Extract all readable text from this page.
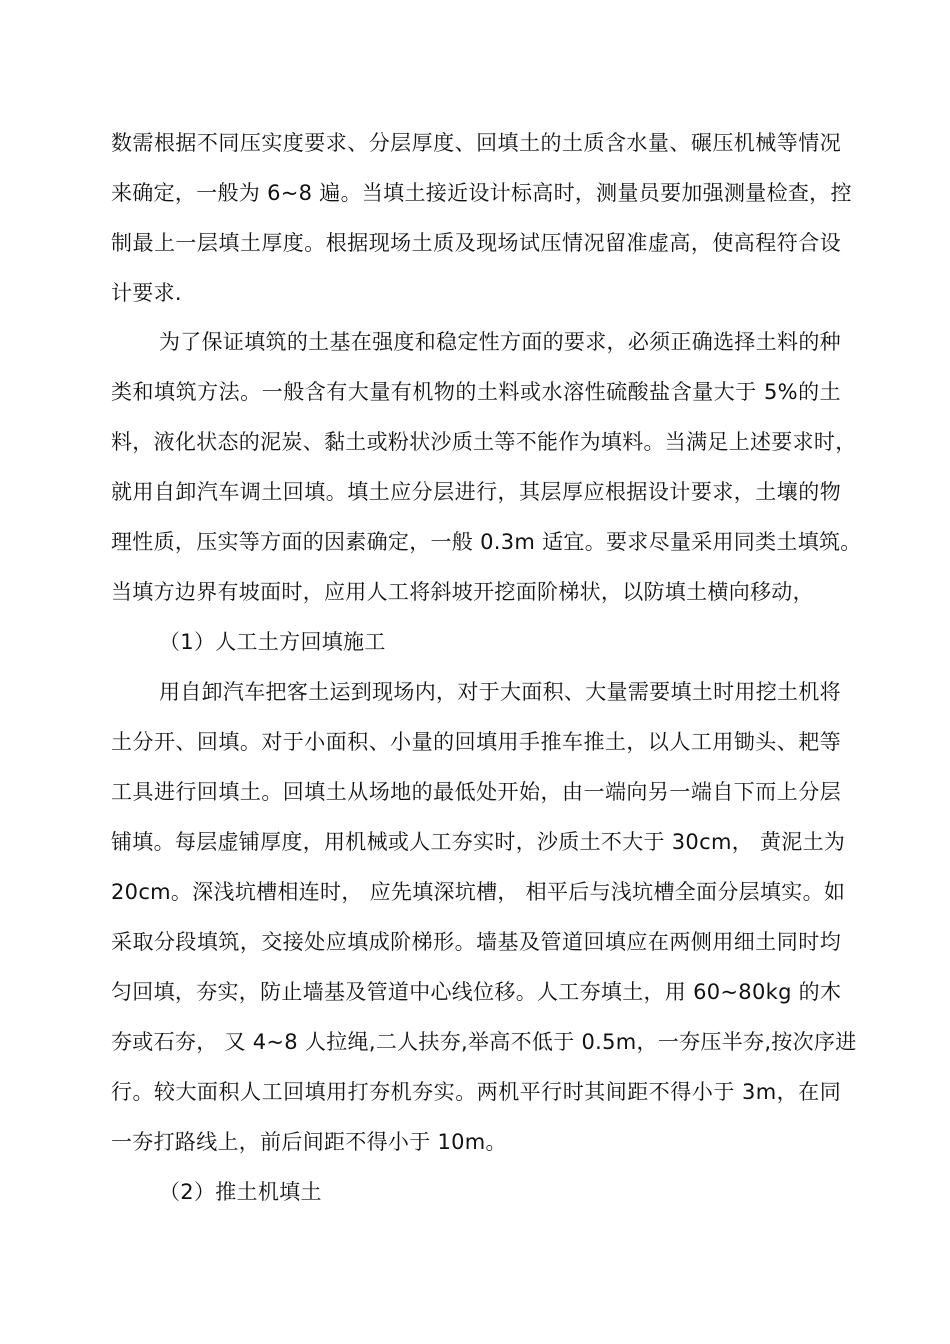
数需根据不同压实度要求、分层厚度、回填土的土质含水量、碾压机械等情况
来确定，一般为 6~8 遍。当填土接近设计标高时，测量员要加强测量检查，控
制最上一层填土厚度。根据现场土质及现场试压情况留准虚高，使高程符合设
计要求.
为了保证填筑的土基在强度和稳定性方面的要求，必须正确选择土料的种
类和填筑方法。一般含有大量有机物的土料或水溶性硫酸盐含量大于 5%的土
料，液化状态的泥炭、黏土或粉状沙质土等不能作为填料。当满足上述要求时，
就用自卸汽车调土回填。填土应分层进行，其层厚应根据设计要求，土壤的物
理性质，压实等方面的因素确定，一般 0.3m 适宜。要求尽量采用同类土填筑。
当填方边界有坡面时，应用人工将斜坡开挖面阶梯状，以防填土横向移动，
（1）人工土方回填施工
用自卸汽车把客土运到现场内，对于大面积、大量需要填土时用挖土机将
土分开、回填。对于小面积、小量的回填用手推车推土，以人工用锄头、耙等
工具进行回填土。回填土从场地的最低处开始，由一端向另一端自下而上分层
铺填。每层虚铺厚度，用机械或人工夯实时，沙质土不大于 30cm， 黄泥土为
20cm。深浅坑槽相连时， 应先填深坑槽， 相平后与浅坑槽全面分层填实。如
采取分段填筑，交接处应填成阶梯形。墙基及管道回填应在两侧用细土同时均
匀回填，夯实，防止墙基及管道中心线位移。人工夯填土，用 60~80kg 的木
夯或石夯， 又 4~8 人拉绳,二人扶夯,举高不低于 0.5m，一夯压半夯,按次序进
行。较大面积人工回填用打夯机夯实。两机平行时其间距不得小于 3m，在同
一夯打路线上，前后间距不得小于 10m。
（2）推土机填土
